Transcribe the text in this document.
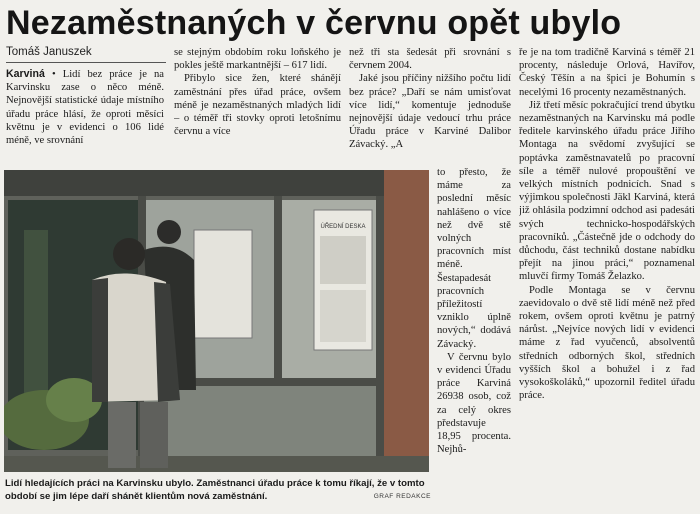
Nezaměstnaných v červnu opět ubylo
Tomáš Januszek

Karviná • Lidí bez práce je na Karvinsku zase o něco méně. Nejnovější statistické údaje místního úřadu práce hlásí, že oproti měsíci květnu je v evidenci o 106 lidé méně, ve srovnání

se stejným obdobím roku loňského je pokles ještě markantnější – 617 lidí.

Přibylo sice žen, které shánějí zaměstnání přes úřad práce, ovšem méně je nezaměstnaných mladých lidí – o téměř tři stovky oproti letošnímu červnu a více

než tři sta šedesát při srovnání s červnem 2004.

Jaké jsou příčiny nižšího počtu lidí bez práce? „Daří se nám umisťovat více lidí,“ komentuje jednoduše nejnovější údaje vedoucí trhu práce Úřadu práce v Karviné Dalibor Závacký. „A

to přesto, že máme za poslední měsíc nahlášeno o více než dvě stě volných pracovních míst méně. Šestapadesát pracovních příležitostí vzniklo úplně nových,“ dodává Závacký.

V červnu bylo v evidenci Úřadu práce Karviná 26938 osob, což za celý okres představuje 18,95 procenta. Nejhů-

ře je na tom tradičně Karviná s téměř 21 procenty, následuje Orlová, Havířov, Český Těšín a na špici je Bohumín s necelými 16 procenty nezaměstnaných.

Již třetí měsíc pokračující trend úbytku nezaměstnaných na Karvinsku má podle ředitele karvinského úřadu práce Jiřího Montaga na svědomí zvyšující se poptávka zaměstnavatelů po pracovní síle a téměř nulové propouštění ve velkých místních podnicích. Snad s výjimkou společnosti Jäkl Karviná, která již ohlásila podzimní odchod asi padesáti svých technicko-hospodářských pracovníků. „Částečně jde o odchody do důchodu, část techniků dostane nabídku přejít na jinou práci,“ poznamenal mluvčí firmy Tomáš Želazko.

Podle Montaga se v červnu zaevidovalo o dvě stě lidí méně než před rokem, ovšem oproti květnu je patrný nárůst. „Nejvíce nových lidí v evidenci máme z řad vyučenců, absolventů středních odborných škol, středních vyšších škol a bohužel i z řad vysokoškoláků,“ upozornil ředitel úřadu práce.

ÚŘEDNÍ DESKA
Lidí hledajících práci na Karvinsku ubylo. Zaměstnanci úřadu práce k tomu říkají, že v tomto období se jim lépe daří shánět klientům nová zaměstnání.	GRAF REDAKCE
